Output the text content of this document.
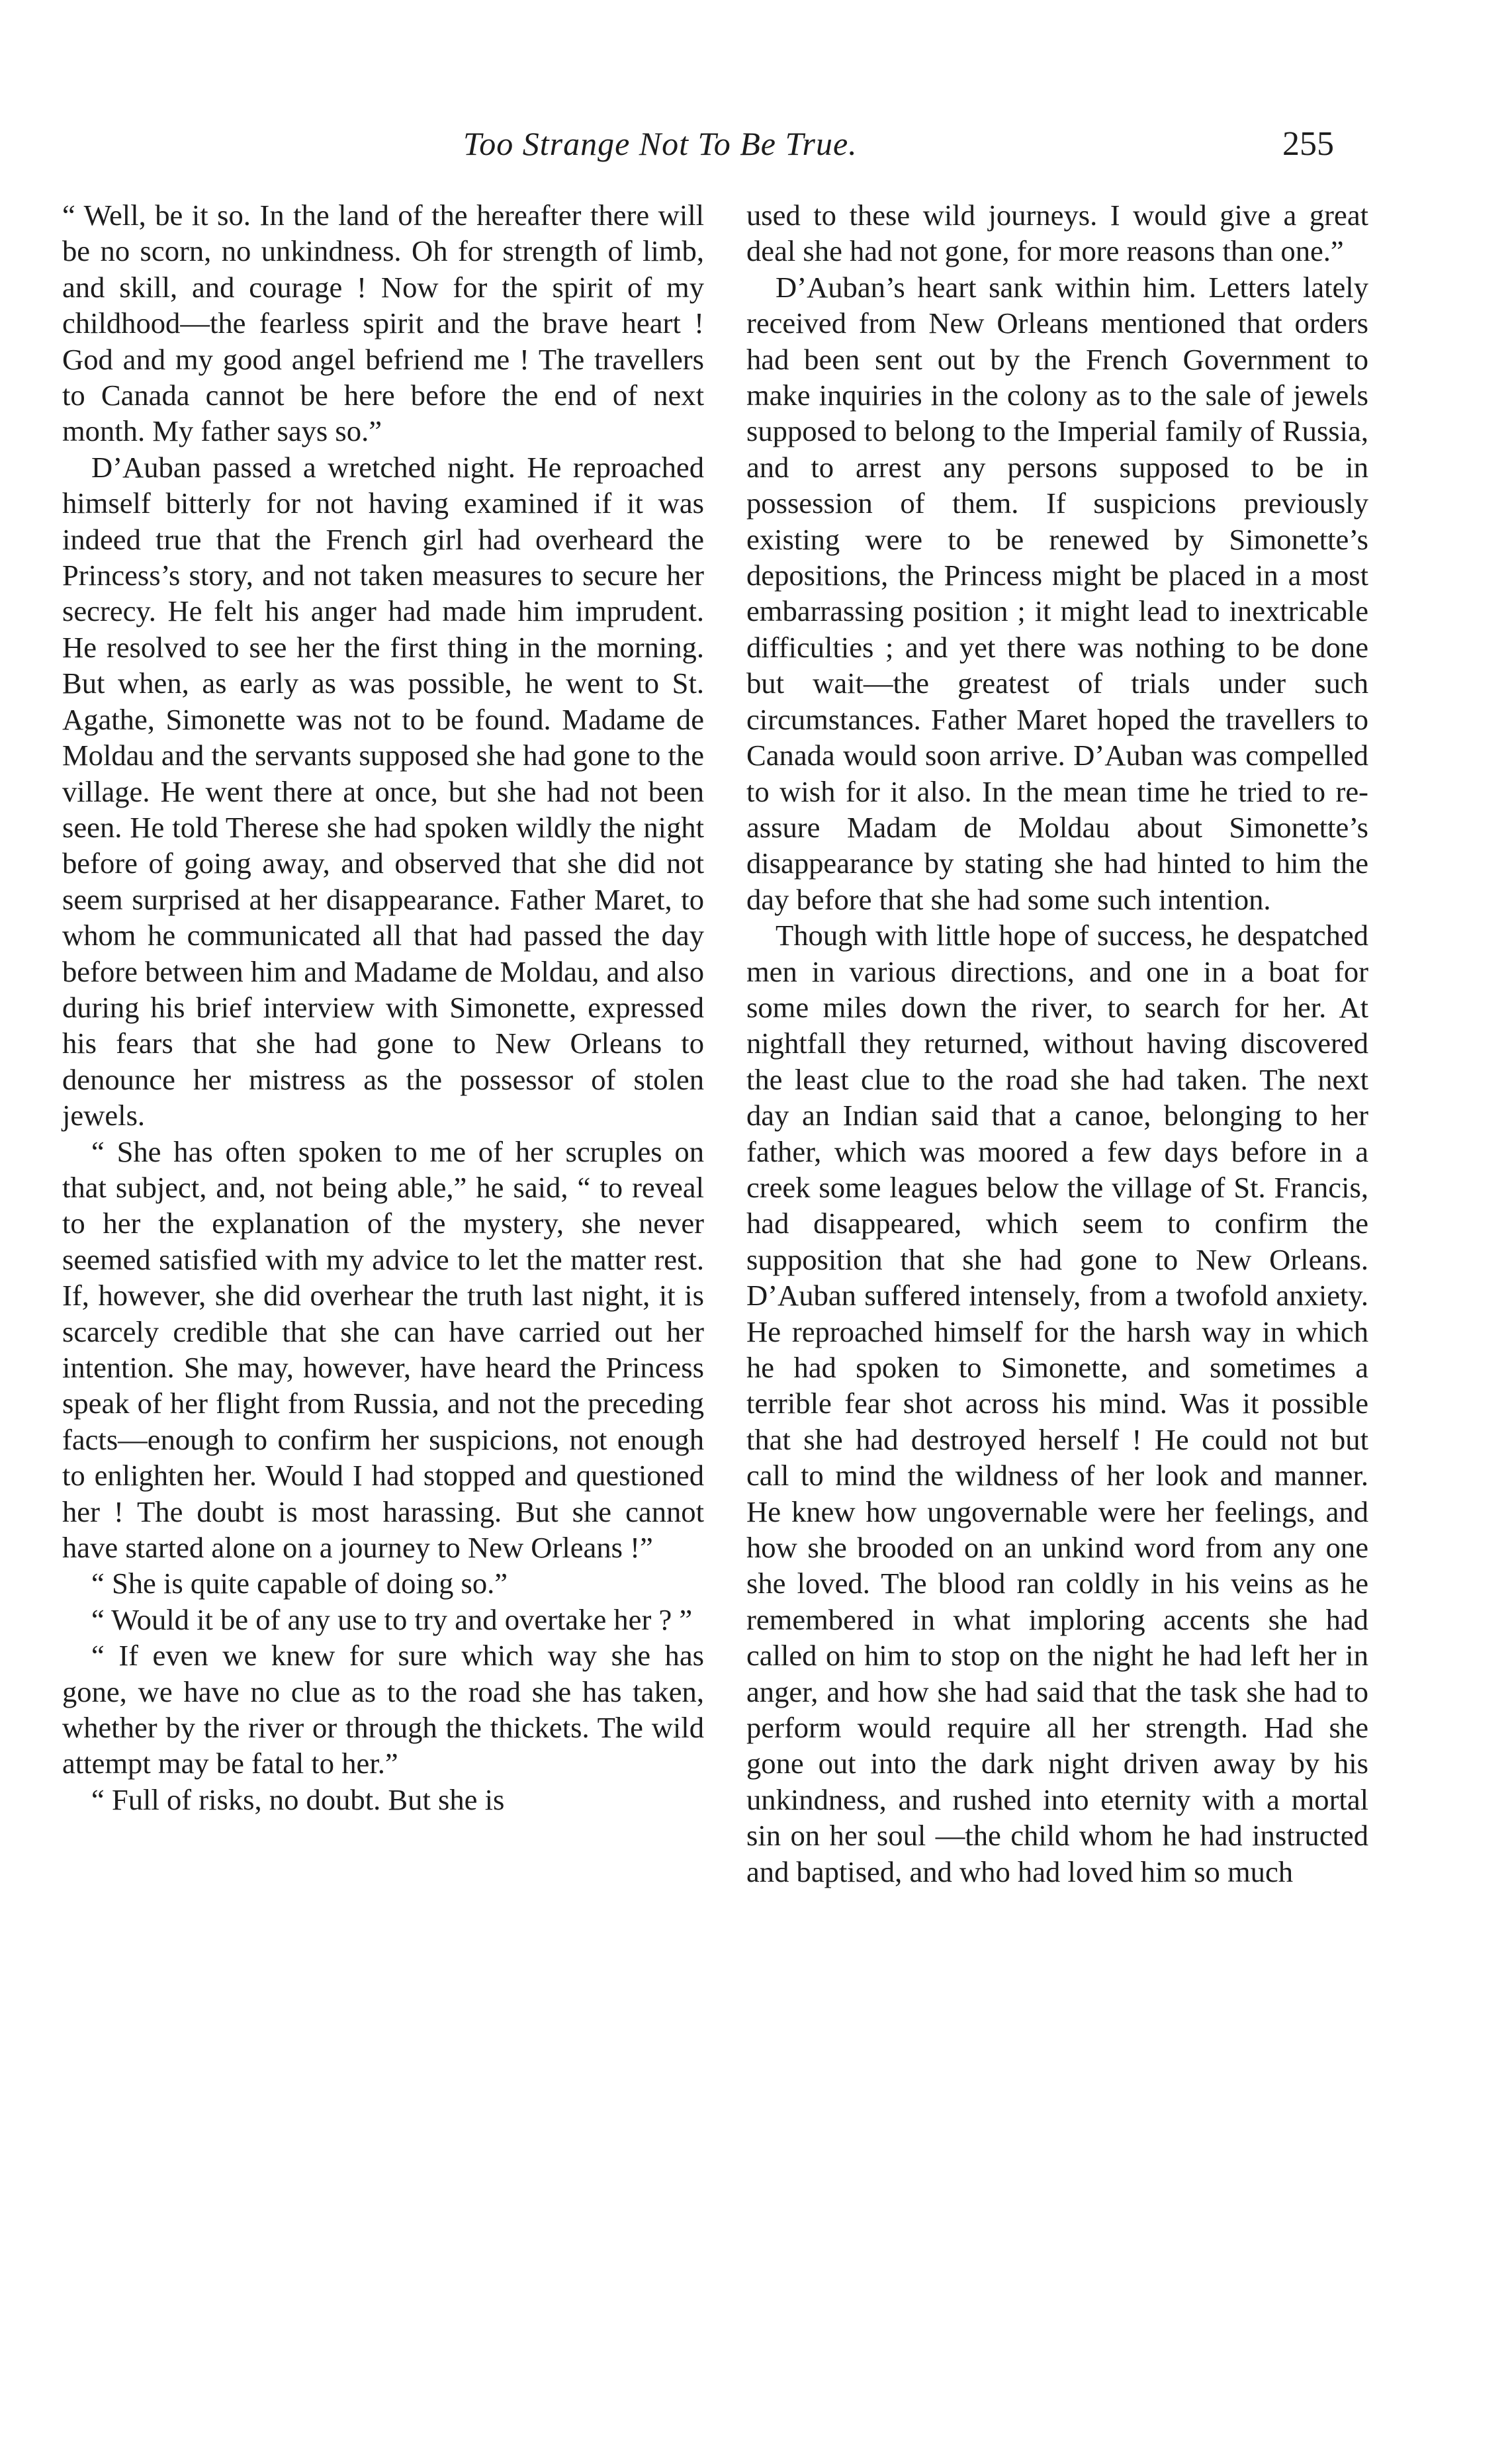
Too Strange Not To Be True.	255

“ Well, be it so. In the land of the hereafter there will be no scorn, no unkindness. Oh for strength of limb, and skill, and courage ! Now for the spirit of my childhood—the fearless spirit and the brave heart ! God and my good angel befriend me ! The travellers to Canada cannot be here before the end of next month. My father says so.”

D’Auban passed a wretched night. He reproached himself bitterly for not having examined if it was indeed true that the French girl had overheard the Princess’s story, and not taken measures to secure her secrecy. He felt his anger had made him imprudent. He resolved to see her the first thing in the morning. But when, as early as was possible, he went to St. Agathe, Simonette was not to be found. Madame de Moldau and the servants supposed she had gone to the village. He went there at once, but she had not been seen. He told Therese she had spoken wildly the night before of going away, and observed that she did not seem surprised at her disappearance. Father Maret, to whom he communicated all that had passed the day before between him and Madame de Moldau, and also during his brief interview with Simonette, expressed his fears that she had gone to New Orleans to denounce her mistress as the possessor of stolen jewels.

“ She has often spoken to me of her scruples on that subject, and, not being able,” he said, “ to reveal to her the explanation of the mystery, she never seemed satisfied with my advice to let the matter rest. If, however, she did overhear the truth last night, it is scarcely credible that she can have carried out her intention. She may, however, have heard the Princess speak of her flight from Russia, and not the preceding facts—enough to confirm her suspicions, not enough to enlighten her. Would I had stopped and questioned her ! The doubt is most harassing. But she cannot have started alone on a journey to New Orleans !”

“ She is quite capable of doing so.”

“ Would it be of any use to try and overtake her ? ”

“ If even we knew for sure which way she has gone, we have no clue as to the road she has taken, whether by the river or through the thickets. The wild attempt may be fatal to her.”

“ Full of risks, no doubt. But she is

used to these wild journeys. I would give a great deal she had not gone, for more reasons than one.”

D’Auban’s heart sank within him. Letters lately received from New Orleans mentioned that orders had been sent out by the French Government to make inquiries in the colony as to the sale of jewels supposed to belong to the Imperial family of Russia, and to arrest any persons supposed to be in possession of them. If suspicions previously existing were to be renewed by Simonette’s depositions, the Princess might be placed in a most embarrassing position ; it might lead to inextricable difficulties ; and yet there was nothing to be done but wait—the greatest of trials under such circumstances. Father Maret hoped the travellers to Canada would soon arrive. D’Auban was compelled to wish for it also. In the mean time he tried to re-assure Madam de Moldau about Simonette’s disappearance by stating she had hinted to him the day before that she had some such intention.

Though with little hope of success, he despatched men in various directions, and one in a boat for some miles down the river, to search for her. At nightfall they returned, without having discovered the least clue to the road she had taken. The next day an Indian said that a canoe, belonging to her father, which was moored a few days before in a creek some leagues below the village of St. Francis, had disappeared, which seem to confirm the supposition that she had gone to New Orleans. D’Auban suffered intensely, from a twofold anxiety. He reproached himself for the harsh way in which he had spoken to Simonette, and sometimes a terrible fear shot across his mind. Was it possible that she had destroyed herself ! He could not but call to mind the wildness of her look and manner. He knew how ungovernable were her feelings, and how she brooded on an unkind word from any one she loved. The blood ran coldly in his veins as he remembered in what imploring accents she had called on him to stop on the night he had left her in anger, and how she had said that the task she had to perform would require all her strength. Had she gone out into the dark night driven away by his unkindness, and rushed into eternity with a mortal sin on her soul —the child whom he had instructed and baptised, and who had loved him so much
